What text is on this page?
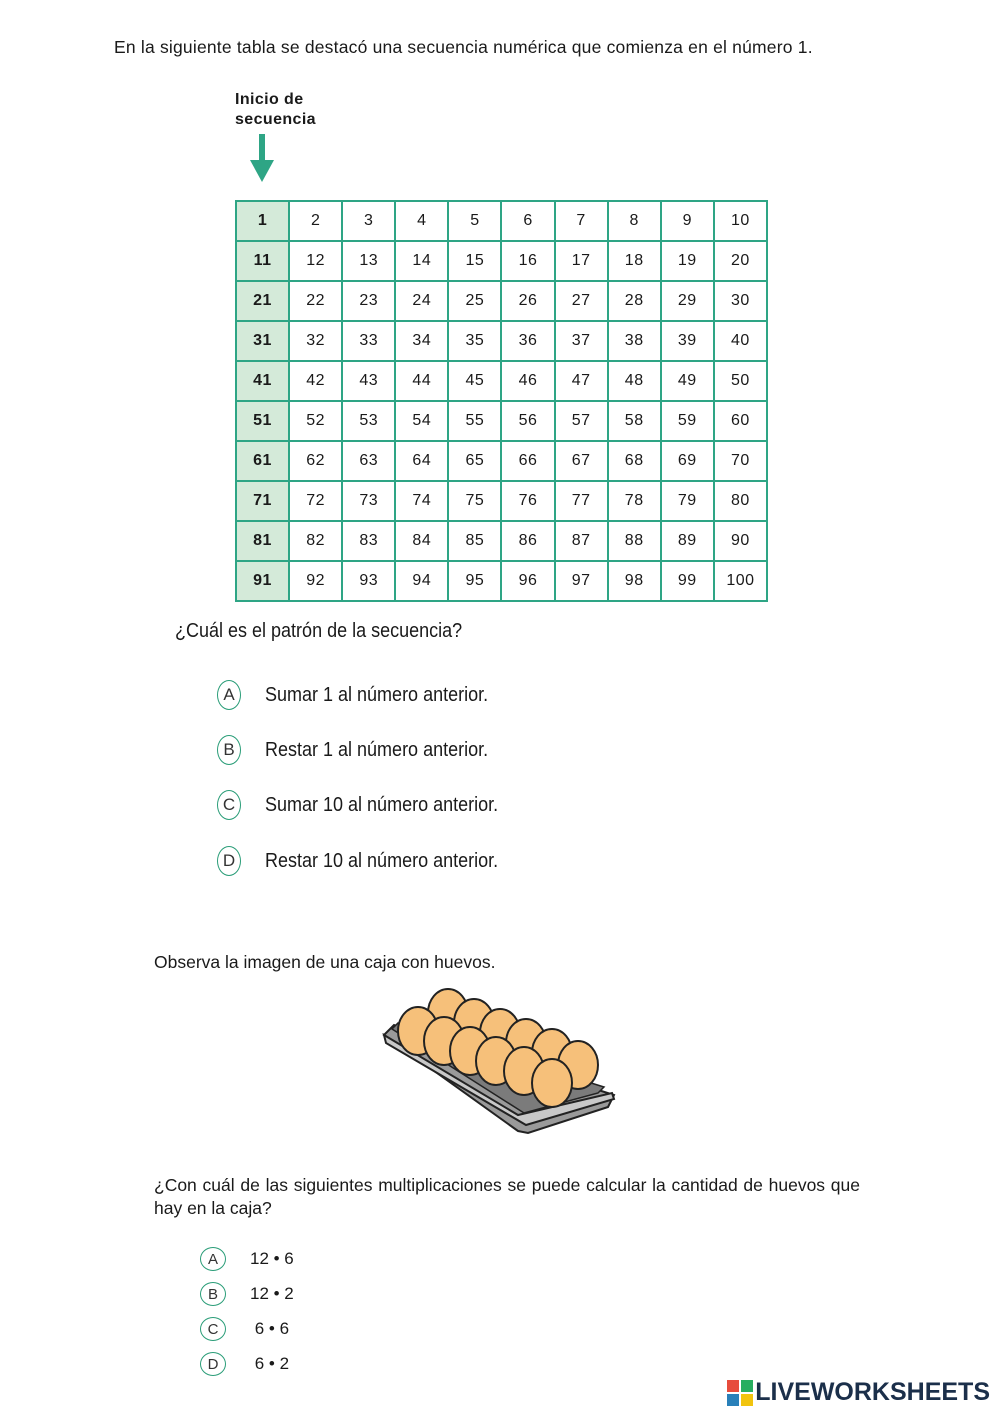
En la siguiente tabla se destacó una secuencia numérica que comienza en el número 1.
Inicio de
secuencia
1	2	3	4	5	6	7	8	9	10
11	12	13	14	15	16	17	18	19	20
21	22	23	24	25	26	27	28	29	30
31	32	33	34	35	36	37	38	39	40
41	42	43	44	45	46	47	48	49	50
51	52	53	54	55	56	57	58	59	60
61	62	63	64	65	66	67	68	69	70
71	72	73	74	75	76	77	78	79	80
81	82	83	84	85	86	87	88	89	90
91	92	93	94	95	96	97	98	99	100
¿Cuál es el patrón de la secuencia?
A	Sumar 1 al número anterior.
B	Restar 1 al número anterior.
C Sumar 10 al número anterior.
D Restar 10 al número anterior.
Observa la imagen de una caja con huevos.
¿Con cuál de las siguientes multiplicaciones se puede calcular la cantidad de huevos que hay en la caja?
A	12 • 6
B	12 • 2
C	6 • 6
D	6 • 2
LIVEWORKSHEETS
